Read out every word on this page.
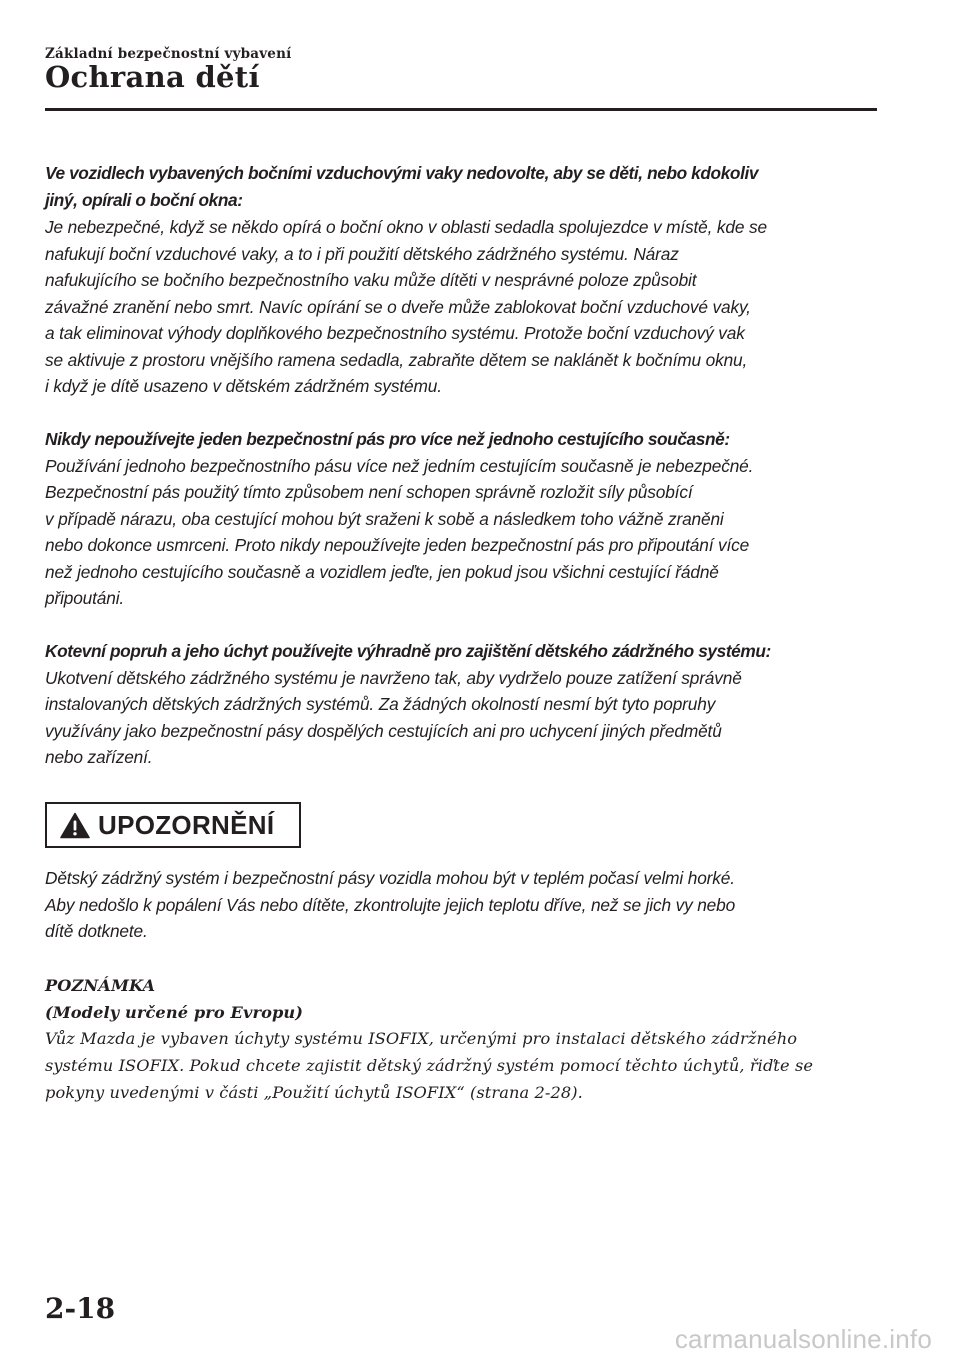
Základní bezpečnostní vybavení
Ochrana dětí
Ve vozidlech vybavených bočními vzduchovými vaky nedovolte, aby se děti, nebo kdokoliv
jiný, opírali o boční okna:
Je nebezpečné, když se někdo opírá o boční okno v oblasti sedadla spolujezdce v místě, kde se
nafukují boční vzduchové vaky, a to i při použití dětského zádržného systému. Náraz
nafukujícího se bočního bezpečnostního vaku může dítěti v nesprávné poloze způsobit
závažné zranění nebo smrt. Navíc opírání se o dveře může zablokovat boční vzduchové vaky,
a tak eliminovat výhody doplňkového bezpečnostního systému. Protože boční vzduchový vak
se aktivuje z prostoru vnějšího ramena sedadla, zabraňte dětem se naklánět k bočnímu oknu,
i když je dítě usazeno v dětském zádržném systému.
Nikdy nepoužívejte jeden bezpečnostní pás pro více než jednoho cestujícího současně:
Používání jednoho bezpečnostního pásu více než jedním cestujícím současně je nebezpečné.
Bezpečnostní pás použitý tímto způsobem není schopen správně rozložit síly působící
v případě nárazu, oba cestující mohou být sraženi k sobě a následkem toho vážně zraněni
nebo dokonce usmrceni. Proto nikdy nepoužívejte jeden bezpečnostní pás pro připoutání více
než jednoho cestujícího současně a vozidlem jeďte, jen pokud jsou všichni cestující řádně
připoutáni.
Kotevní popruh a jeho úchyt používejte výhradně pro zajištění dětského zádržného systému:
Ukotvení dětského zádržného systému je navrženo tak, aby vydrželo pouze zatížení správně
instalovaných dětských zádržných systémů. Za žádných okolností nesmí být tyto popruhy
využívány jako bezpečnostní pásy dospělých cestujících ani pro uchycení jiných předmětů
nebo zařízení.
UPOZORNĚNÍ
Dětský zádržný systém i bezpečnostní pásy vozidla mohou být v teplém počasí velmi horké.
Aby nedošlo k popálení Vás nebo dítěte, zkontrolujte jejich teplotu dříve, než se jich vy nebo
dítě dotknete.
POZNÁMKA
(Modely určené pro Evropu)
Vůz Mazda je vybaven úchyty systému ISOFIX, určenými pro instalaci dětského zádržného
systému ISOFIX. Pokud chcete zajistit dětský zádržný systém pomocí těchto úchytů, řiďte se
pokyny uvedenými v části „Použití úchytů ISOFIX“ (strana 2-28).
2-18
carmanualsonline.info
